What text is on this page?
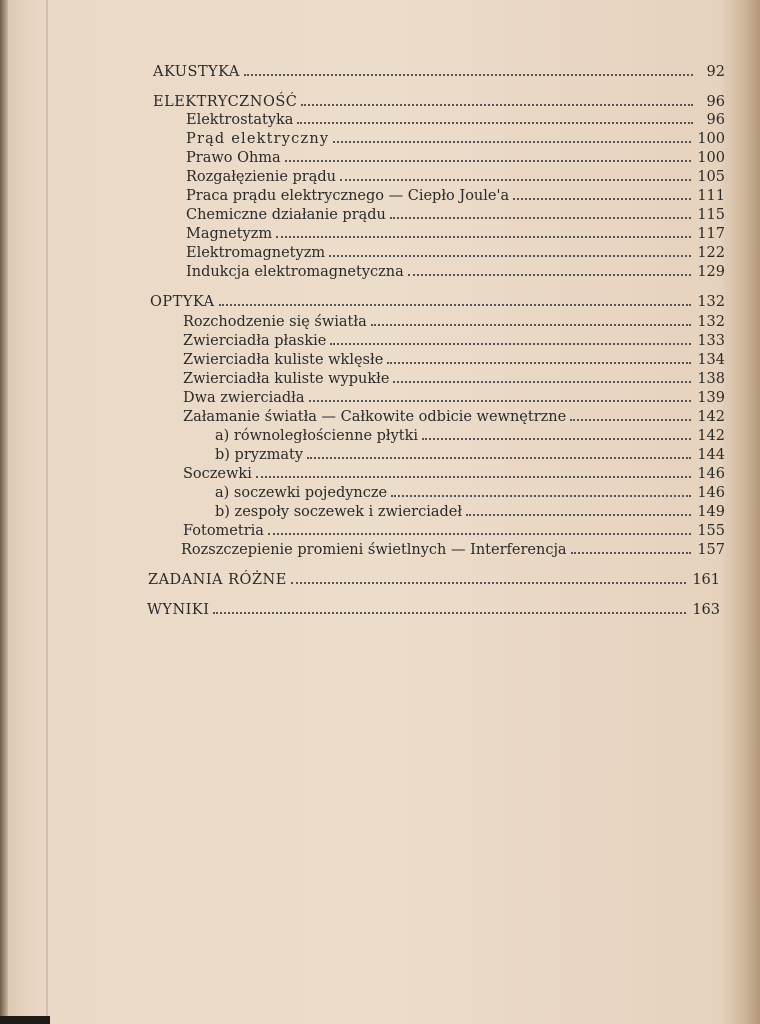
AKUSTYKA	92
ELEKTRYCZNOŚĆ	96
Elektrostatyka	96
Prąd elektryczny	100
Prawo Ohma	100
Rozgałęzienie prądu	105
Praca prądu elektrycznego — Ciepło Joule'a	111
Chemiczne działanie prądu	115
Magnetyzm	117
Elektromagnetyzm	122
Indukcja elektromagnetyczna	129
OPTYKA	132
Rozchodzenie się światła	132
Zwierciadła płaskie	133
Zwierciadła kuliste wklęsłe	134
Zwierciadła kuliste wypukłe	138
Dwa zwierciadła	139
Załamanie światła — Całkowite odbicie wewnętrzne	142
a) równoległościenne płytki	142
b) pryzmaty	144
Soczewki	146
a) soczewki pojedyncze	146
b) zespoły soczewek i zwierciadeł	149
Fotometria	155
Rozszczepienie promieni świetlnych — Interferencja	157
ZADANIA RÓŻNE	161
WYNIKI	163
